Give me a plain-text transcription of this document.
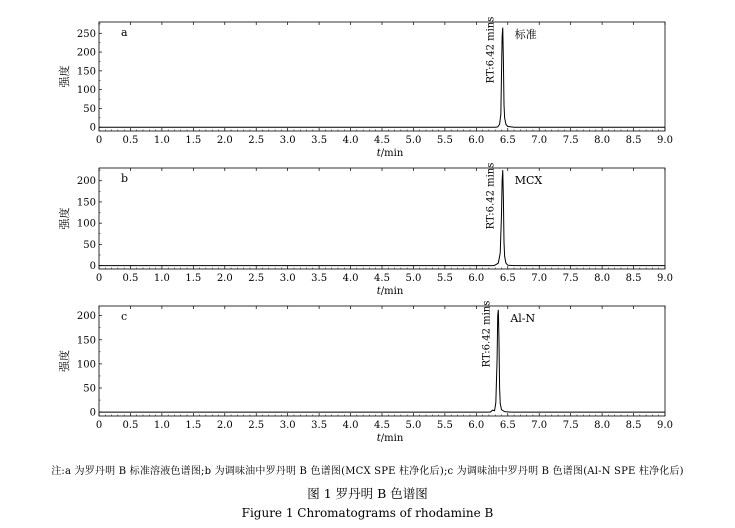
0 0.5 1.0 1.5 2.0 2.5 3.0 3.5 4.0 4.5 5.0 5.5 6.0 6.5 7.0 7.5 8.0 8.5 9.0
0
50
100
150
200
250
t/min
强度
a	RT:6.42 mins 标准
0 0.5 1.0 1.5 2.0 2.5 3.0 3.5 4.0 4.5 5.0 5.5 6.0 6.5 7.0 7.5 8.0 8.5 9.0
0
50
100
150
200
t/min
强度
b	RT:6.42 mins MCX
0 0.5 1.0 1.5 2.0 2.5 3.0 3.5 4.0 4.5 5.0 5.5 6.0 6.5 7.0 7.5 8.0 8.5 9.0
0
50
100
150
200
t/min
强度
c	RT:6.42 mins Al-N
注:a 为罗丹明 B 标准溶液色谱图;b 为调味油中罗丹明 B 色谱图(MCX SPE 柱净化后);c 为调味油中罗丹明 B 色谱图(Al-N SPE 柱净化后)
图 1 罗丹明 B 色谱图
Figure 1 Chromatograms of rhodamine B
